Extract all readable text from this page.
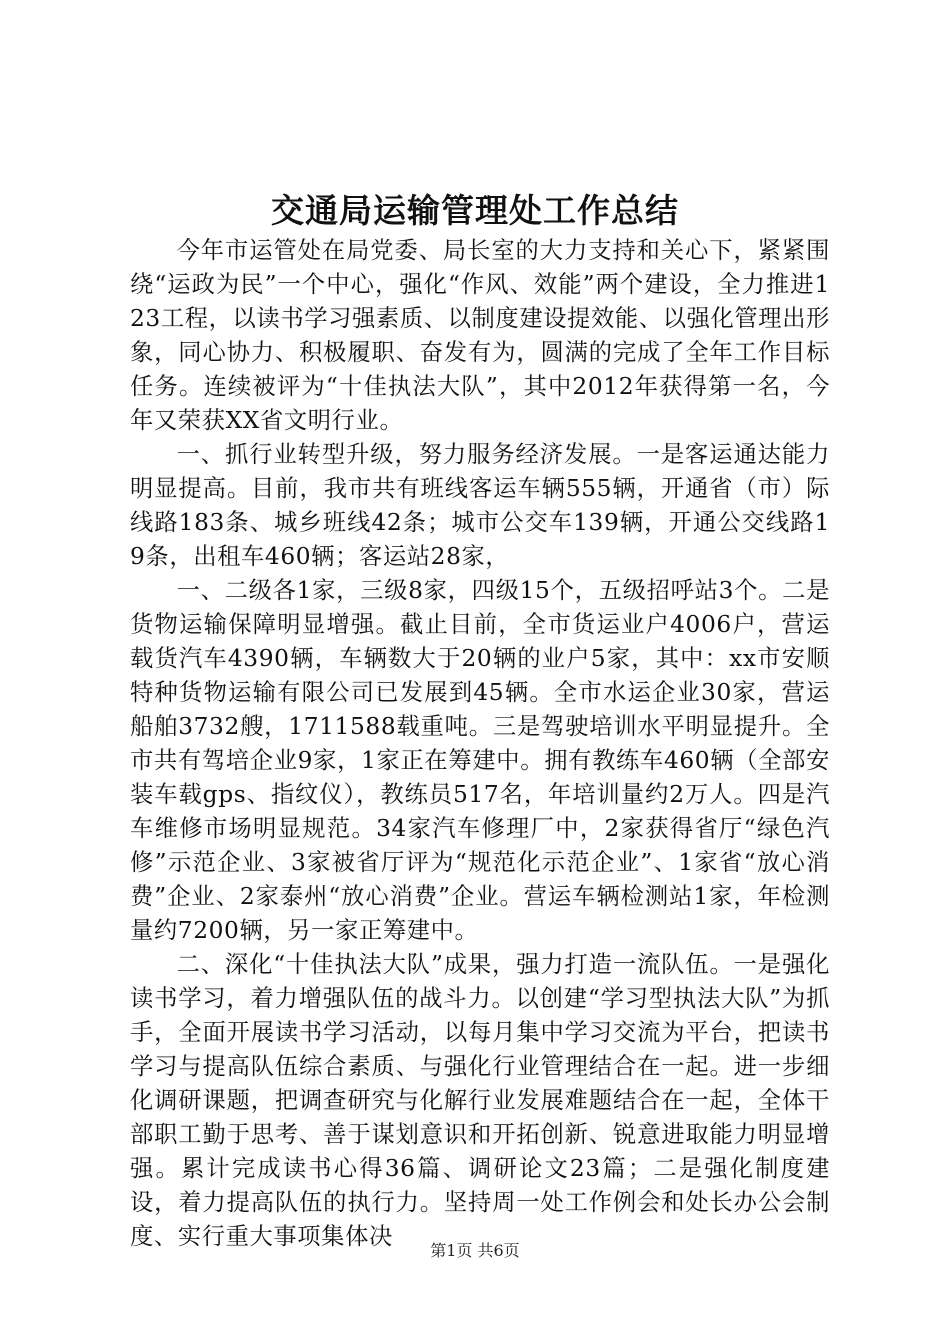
交通局运输管理处工作总结

今年市运管处在局党委、局长室的大力支持和关心下，紧紧围绕“运政为民”一个中心，强化“作风、效能”两个建设，全力推进123工程，以读书学习强素质、以制度建设提效能、以强化管理出形象，同心协力、积极履职、奋发有为，圆满的完成了全年工作目标任务。连续被评为“十佳执法大队”，其中2012年获得第一名，今年又荣获XX省文明行业。

一、抓行业转型升级，努力服务经济发展。一是客运通达能力明显提高。目前，我市共有班线客运车辆555辆，开通省（市）际线路183条、城乡班线42条；城市公交车139辆，开通公交线路19条，出租车460辆；客运站28家，

一、二级各1家，三级8家，四级15个，五级招呼站3个。二是货物运输保障明显增强。截止目前，全市货运业户4006户，营运载货汽车4390辆，车辆数大于20辆的业户5家，其中：xx市安顺特种货物运输有限公司已发展到45辆。全市水运企业30家，营运船舶3732艘，1711588载重吨。三是驾驶培训水平明显提升。全市共有驾培企业9家，1家正在筹建中。拥有教练车460辆（全部安装车载gps、指纹仪），教练员517名，年培训量约2万人。四是汽车维修市场明显规范。34家汽车修理厂中，2家获得省厅“绿色汽修”示范企业、3家被省厅评为“规范化示范企业”、1家省“放心消费”企业、2家泰州“放心消费”企业。营运车辆检测站1家，年检测量约7200辆，另一家正筹建中。

二、深化“十佳执法大队”成果，强力打造一流队伍。一是强化读书学习，着力增强队伍的战斗力。以创建“学习型执法大队”为抓手，全面开展读书学习活动，以每月集中学习交流为平台，把读书学习与提高队伍综合素质、与强化行业管理结合在一起。进一步细化调研课题，把调查研究与化解行业发展难题结合在一起，全体干部职工勤于思考、善于谋划意识和开拓创新、锐意进取能力明显增强。累计完成读书心得36篇、调研论文23篇；二是强化制度建设，着力提高队伍的执行力。坚持周一处工作例会和处长办公会制度、实行重大事项集体决

第1页 共6页
